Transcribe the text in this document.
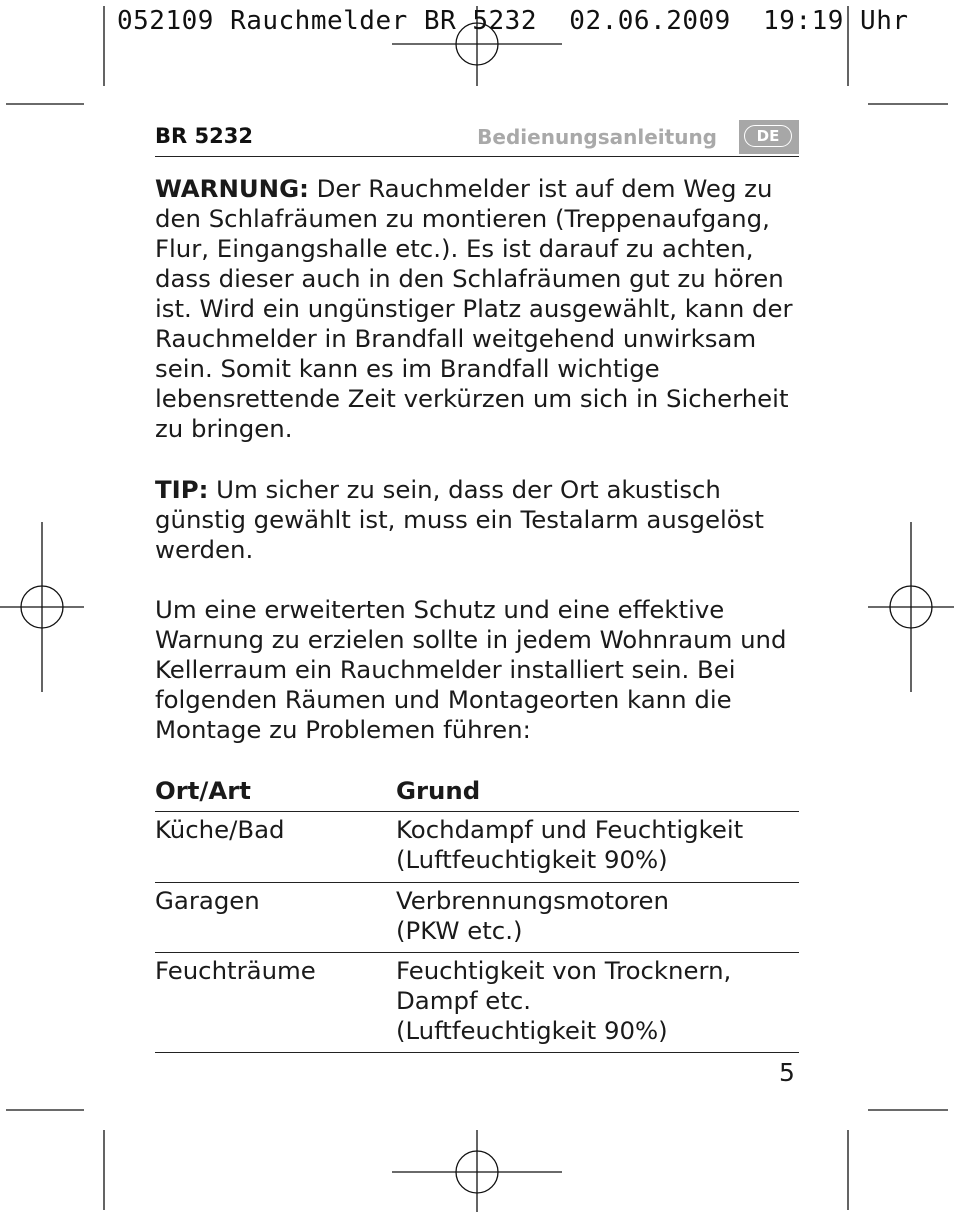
052109 Rauchmelder BR 5232  02.06.2009  19:19 Uhr
BR 5232	Bedienungsanleitung	DE

WARNUNG: Der Rauchmelder ist auf dem Weg zu den Schlafräumen zu montieren (Treppenaufgang, Flur, Eingangshalle etc.). Es ist darauf zu achten, dass dieser auch in den Schlafräumen gut zu hören ist. Wird ein ungünstiger Platz ausgewählt, kann der Rauchmelder in Brandfall weitgehend unwirksam sein. Somit kann es im Brandfall wichtige lebensrettende Zeit verkürzen um sich in Sicherheit zu bringen.

TIP: Um sicher zu sein, dass der Ort akustisch günstig gewählt ist, muss ein Testalarm ausgelöst werden.

Um eine erweiterten Schutz und eine effektive Warnung zu erzielen sollte in jedem Wohnraum und Kellerraum ein Rauchmelder installiert sein. Bei folgenden Räumen und Montageorten kann die Montage zu Problemen führen:

Ort/Art	Grund
Küche/Bad	Kochdampf und Feuchtigkeit
(Luftfeuchtigkeit 90%)
Garagen	Verbrennungsmotoren
(PKW etc.)
Feuchträume	Feuchtigkeit von Trocknern,
Dampf etc.
(Luftfeuchtigkeit 90%)
5
